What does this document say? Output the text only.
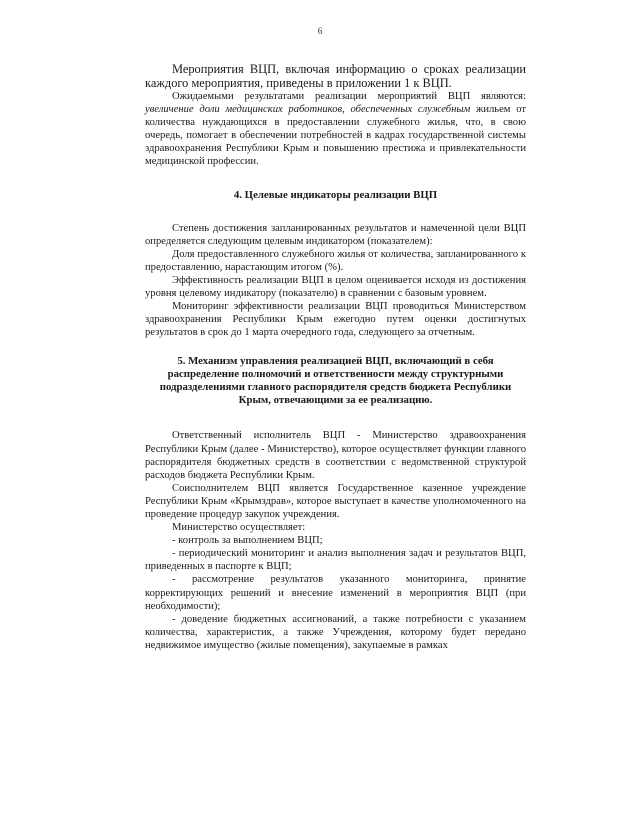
6

Мероприятия ВЦП, включая информацию о сроках реализации каждого мероприятия, приведены в приложении 1 к ВЦП.

Ожидаемыми результатами реализации мероприятий ВЦП являются: увеличение доли медицинских работников, обеспеченных служебным жильем от количества нуждающихся в предоставлении служебного жилья, что, в свою очередь, помогает в обеспечении потребностей в кадрах государственной системы здравоохранения Республики Крым и повышению престижа и привлекательности медицинской профессии.

4. Целевые индикаторы реализации ВЦП

Степень достижения запланированных результатов и намеченной цели ВЦП определяется следующим целевым индикатором (показателем):

Доля предоставленного служебного жилья от количества, запланированного к предоставлению, нарастающим итогом (%).

Эффективность реализации ВЦП в целом оценивается исходя из достижения уровня целевому индикатору (показателю) в сравнении с базовым уровнем.

Мониторинг эффективности реализации ВЦП проводиться Министерством здравоохранения Республики Крым ежегодно путем оценки достигнутых результатов в срок до 1 марта очередного года, следующего за отчетным.

5. Механизм управления реализацией ВЦП, включающий в себя распределение полномочий и ответственности между структурными подразделениями главного распорядителя средств бюджета Республики Крым, отвечающими за ее реализацию.

Ответственный исполнитель ВЦП - Министерство здравоохранения Республики Крым (далее - Министерство), которое осуществляет функции главного распорядителя бюджетных средств в соответствии с ведомственной структурой расходов бюджета Республики Крым.

Соисполнителем ВЦП является Государственное казенное учреждение Республики Крым «Крымздрав», которое выступает в качестве уполномоченного на проведение процедур закупок учреждения.

Министерство осуществляет:

- контроль за выполнением ВЦП;

- периодический мониторинг и анализ выполнения задач и результатов ВЦП, приведенных в паспорте к ВЦП;

- рассмотрение результатов указанного мониторинга, принятие корректирующих решений и внесение изменений в мероприятия ВЦП (при необходимости);

- доведение бюджетных ассигнований, а также потребности с указанием количества, характеристик, а также Учреждения, которому будет передано недвижимое имущество (жилые помещения), закупаемые в рамках
